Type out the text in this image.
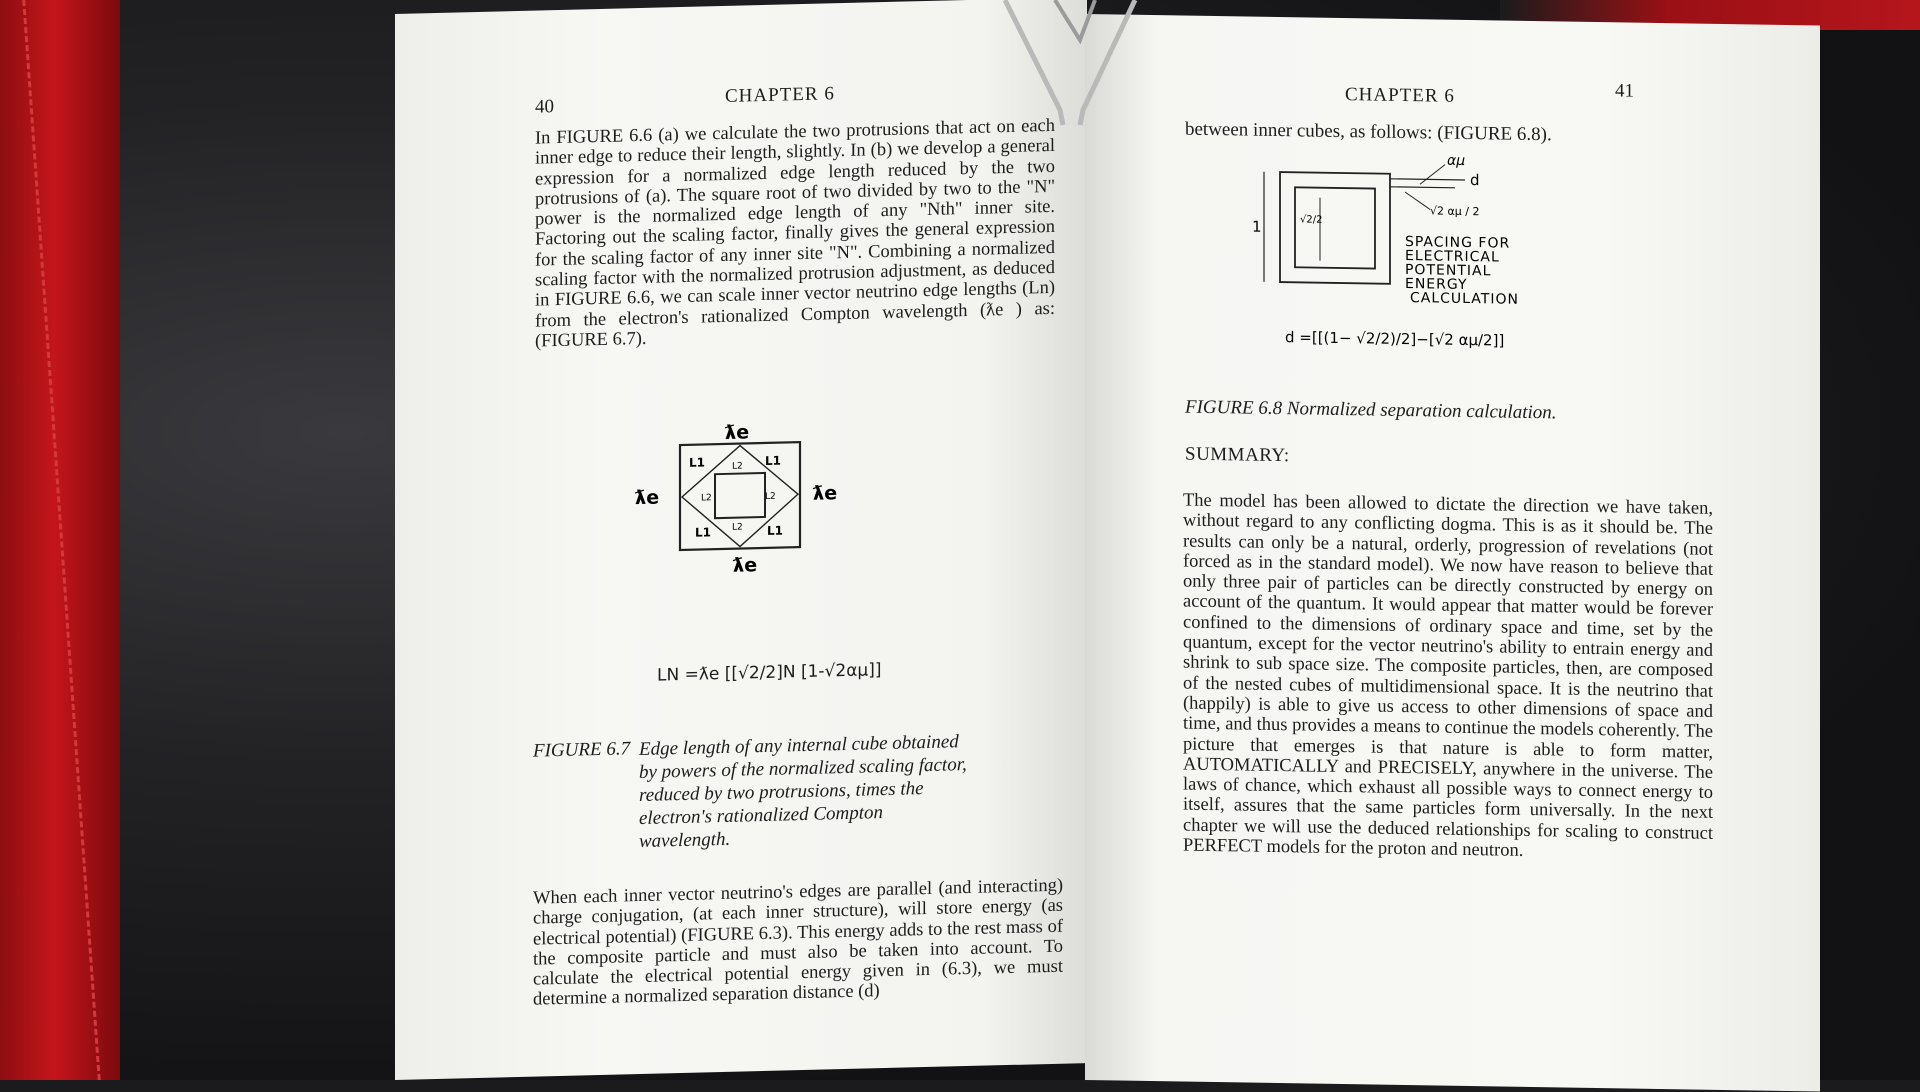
40	CHAPTER 6

In FIGURE 6.6 (a) we calculate the two protrusions that act on each inner edge to reduce their length, slightly. In (b) we develop a general expression for a normalized edge length reduced by the two protrusions of (a). The square root of two divided by two to the "N" power is the normalized edge length of any "Nth" inner site. Factoring out the scaling factor, finally gives the general expression for the scaling factor of any inner site "N". Combining a normalized scaling factor with the normalized protrusion adjustment, as deduced in FIGURE 6.6, we can scale inner vector neutrino edge lengths (Ln) from the electron's rationalized Compton wavelength (ƛe ) as: (FIGURE 6.7).

ƛe
ƛe
ƛe	ƛe
L1	L1
L1	L1
L2
L2
L2	L2
LN =ƛe [[√2/2]N [1-√2αμ]]
FIGURE 6.7 Edge length of any internal cube obtained by powers of the normalized scaling factor, reduced by two protrusions, times the electron's rationalized Compton wavelength.

When each inner vector neutrino's edges are parallel (and interacting) charge conjugation, (at each inner structure), will store energy (as electrical potential) (FIGURE 6.3). This energy adds to the rest mass of the composite particle and must also be taken into account. To calculate the electrical potential energy given in (6.3), we must determine a normalized separation distance (d)

CHAPTER 6	41
between inner cubes, as follows: (FIGURE 6.8).
αμ
d
1	√2/2
√2 αμ / 2
SPACING FOR
ELECTRICAL
POTENTIAL
ENERGY
CALCULATION
d =[[(1− √2/2)/2]−[√2 αμ/2]]
FIGURE 6.8 Normalized separation calculation.
SUMMARY:

The model has been allowed to dictate the direction we have taken, without regard to any conflicting dogma. This is as it should be. The results can only be a natural, orderly, progression of revelations (not forced as in the standard model). We now have reason to believe that only three pair of particles can be directly constructed by energy on account of the quantum. It would appear that matter would be forever confined to the dimensions of ordinary space and time, set by the quantum, except for the vector neutrino's ability to entrain energy and shrink to sub space size. The composite particles, then, are composed of the nested cubes of multidimensional space. It is the neutrino that (happily) is able to give us access to other dimensions of space and time, and thus provides a means to continue the models coherently. The picture that emerges is that nature is able to form matter, AUTOMATICALLY and PRECISELY, anywhere in the universe. The laws of chance, which exhaust all possible ways to connect energy to itself, assures that the same particles form universally. In the next chapter we will use the deduced relationships for scaling to construct PERFECT models for the proton and neutron.
